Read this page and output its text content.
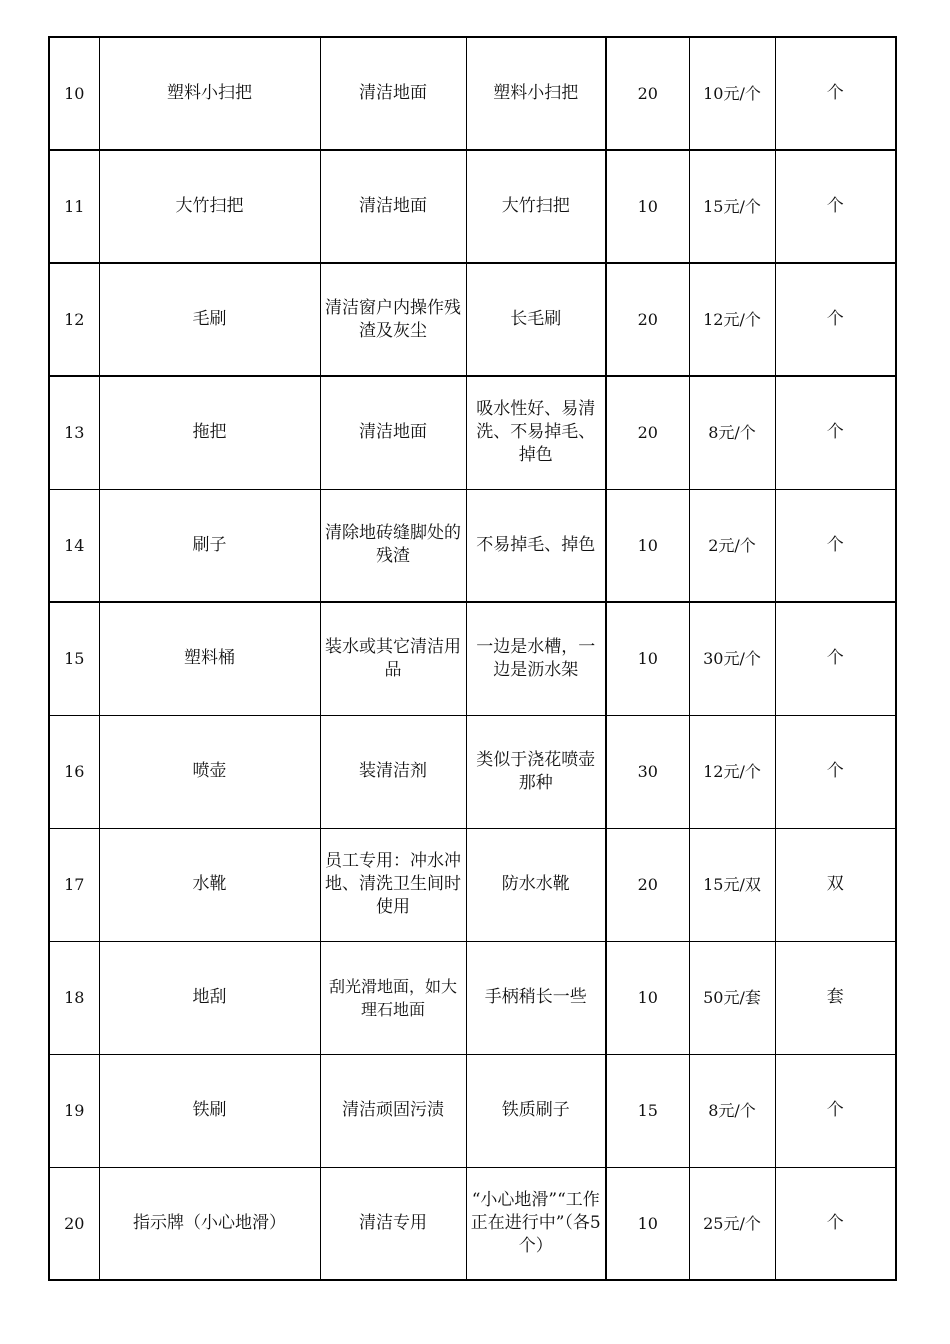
10	塑料小扫把	清洁地面	塑料小扫把	20	10元/个	个
11	大竹扫把	清洁地面	大竹扫把	10	15元/个	个
12	毛刷	清洁窗户内操作残渣及灰尘	长毛刷	20	12元/个	个
13	拖把	清洁地面	吸水性好、易清洗、不易掉毛、掉色	20	8元/个	个
14	刷子	清除地砖缝脚处的残渣	不易掉毛、掉色	10	2元/个	个
15	塑料桶	装水或其它清洁用品	一边是水槽，一边是沥水架	10	30元/个	个
16	喷壶	装清洁剂	类似于浇花喷壶那种	30	12元/个	个
17	水靴	员工专用：冲水冲地、清洗卫生间时使用	防水水靴	20	15元/双	双
18	地刮	刮光滑地面，如大理石地面	手柄稍长一些	10	50元/套	套
19	铁刷	清洁顽固污渍	铁质刷子	15	8元/个	个
20	指示牌（小心地滑）	清洁专用	“小心地滑”“工作正在进行中”（各5个）	10	25元/个	个
